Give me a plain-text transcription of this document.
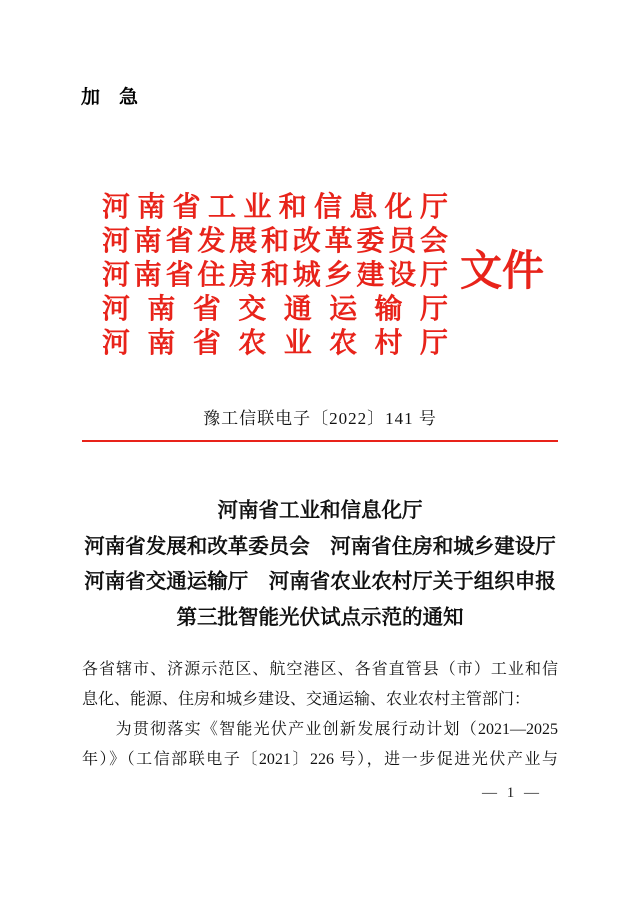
加　急
河南省工业和信息化厅
河南省发展和改革委员会
河南省住房和城乡建设厅
河南省交通运输厅
河南省农业农村厅
文件
豫工信联电子〔2022〕141 号
河南省工业和信息化厅
河南省发展和改革委员会　河南省住房和城乡建设厅
河南省交通运输厅　河南省农业农村厅关于组织申报
第三批智能光伏试点示范的通知
各省辖市、济源示范区、航空港区、各省直管县（市）工业和信
息化、能源、住房和城乡建设、交通运输、农业农村主管部门：
为贯彻落实《智能光伏产业创新发展行动计划（2021—2025
年）》（工信部联电子〔2021〕226 号），进一步促进光伏产业与
— 1 —
